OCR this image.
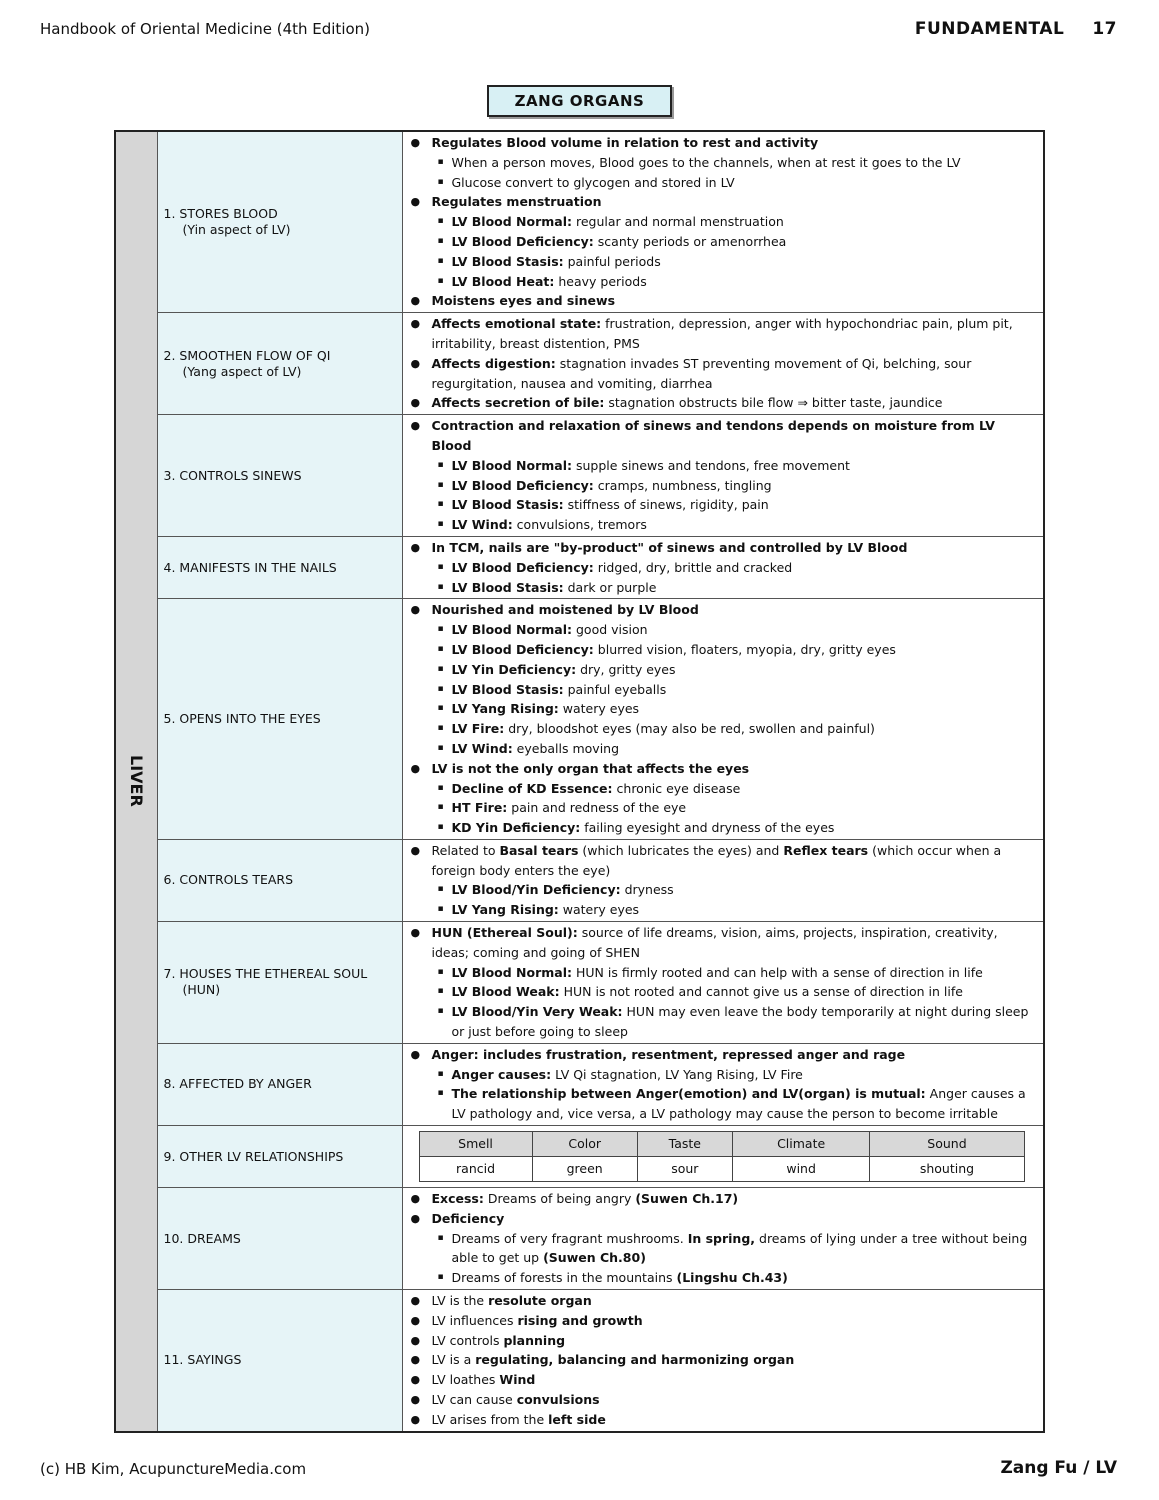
Handbook of Oriental Medicine (4th Edition)	FUNDAMENTAL 17
ZANG ORGANS
LIVER

1. STORES BLOOD
(Yin aspect of LV)

● Regulates Blood volume in relation to rest and activity
▪ When a person moves, Blood goes to the channels, when at rest it goes to the LV
▪ Glucose convert to glycogen and stored in LV
● Regulates menstruation
▪ LV Blood Normal: regular and normal menstruation
▪ LV Blood Deficiency: scanty periods or amenorrhea
▪ LV Blood Stasis: painful periods
▪ LV Blood Heat: heavy periods
● Moistens eyes and sinews

2. SMOOTHEN FLOW OF QI
(Yang aspect of LV)

● Affects emotional state: frustration, depression, anger with hypochondriac pain, plum pit, irritability, breast distention, PMS
● Affects digestion: stagnation invades ST preventing movement of Qi, belching, sour regurgitation, nausea and vomiting, diarrhea
● Affects secretion of bile: stagnation obstructs bile flow ⇒ bitter taste, jaundice

3. CONTROLS SINEWS

● Contraction and relaxation of sinews and tendons depends on moisture from LV Blood
▪ LV Blood Normal: supple sinews and tendons, free movement
▪ LV Blood Deficiency: cramps, numbness, tingling
▪ LV Blood Stasis: stiffness of sinews, rigidity, pain
▪ LV Wind: convulsions, tremors

4. MANIFESTS IN THE NAILS

● In TCM, nails are "by-product" of sinews and controlled by LV Blood
▪ LV Blood Deficiency: ridged, dry, brittle and cracked
▪ LV Blood Stasis: dark or purple

5. OPENS INTO THE EYES

● Nourished and moistened by LV Blood
▪ LV Blood Normal: good vision
▪ LV Blood Deficiency: blurred vision, floaters, myopia, dry, gritty eyes
▪ LV Yin Deficiency: dry, gritty eyes
▪ LV Blood Stasis: painful eyeballs
▪ LV Yang Rising: watery eyes
▪ LV Fire: dry, bloodshot eyes (may also be red, swollen and painful)
▪ LV Wind: eyeballs moving
● LV is not the only organ that affects the eyes
▪ Decline of KD Essence: chronic eye disease
▪ HT Fire: pain and redness of the eye
▪ KD Yin Deficiency: failing eyesight and dryness of the eyes

6. CONTROLS TEARS

● Related to Basal tears (which lubricates the eyes) and Reflex tears (which occur when a foreign body enters the eye)
▪ LV Blood/Yin Deficiency: dryness
▪ LV Yang Rising: watery eyes

7. HOUSES THE ETHEREAL SOUL
(HUN)

● HUN (Ethereal Soul): source of life dreams, vision, aims, projects, inspiration, creativity, ideas; coming and going of SHEN
▪ LV Blood Normal: HUN is firmly rooted and can help with a sense of direction in life
▪ LV Blood Weak: HUN is not rooted and cannot give us a sense of direction in life
▪ LV Blood/Yin Very Weak: HUN may even leave the body temporarily at night during sleep or just before going to sleep

8. AFFECTED BY ANGER

● Anger: includes frustration, resentment, repressed anger and rage
▪ Anger causes: LV Qi stagnation, LV Yang Rising, LV Fire
▪ The relationship between Anger(emotion) and LV(organ) is mutual: Anger causes a LV pathology and, vice versa, a LV pathology may cause the person to become irritable

9. OTHER LV RELATIONSHIPS

Smell	Color	Taste	Climate	Sound
rancid	green	sour	wind	shouting

10. DREAMS

● Excess: Dreams of being angry (Suwen Ch.17)
● Deficiency
▪ Dreams of very fragrant mushrooms. In spring, dreams of lying under a tree without being able to get up (Suwen Ch.80)
▪ Dreams of forests in the mountains (Lingshu Ch.43)

11. SAYINGS

● LV is the resolute organ
● LV influences rising and growth
● LV controls planning
● LV is a regulating, balancing and harmonizing organ
● LV loathes Wind
● LV can cause convulsions
● LV arises from the left side
(c) HB Kim, AcupunctureMedia.com	Zang Fu / LV
